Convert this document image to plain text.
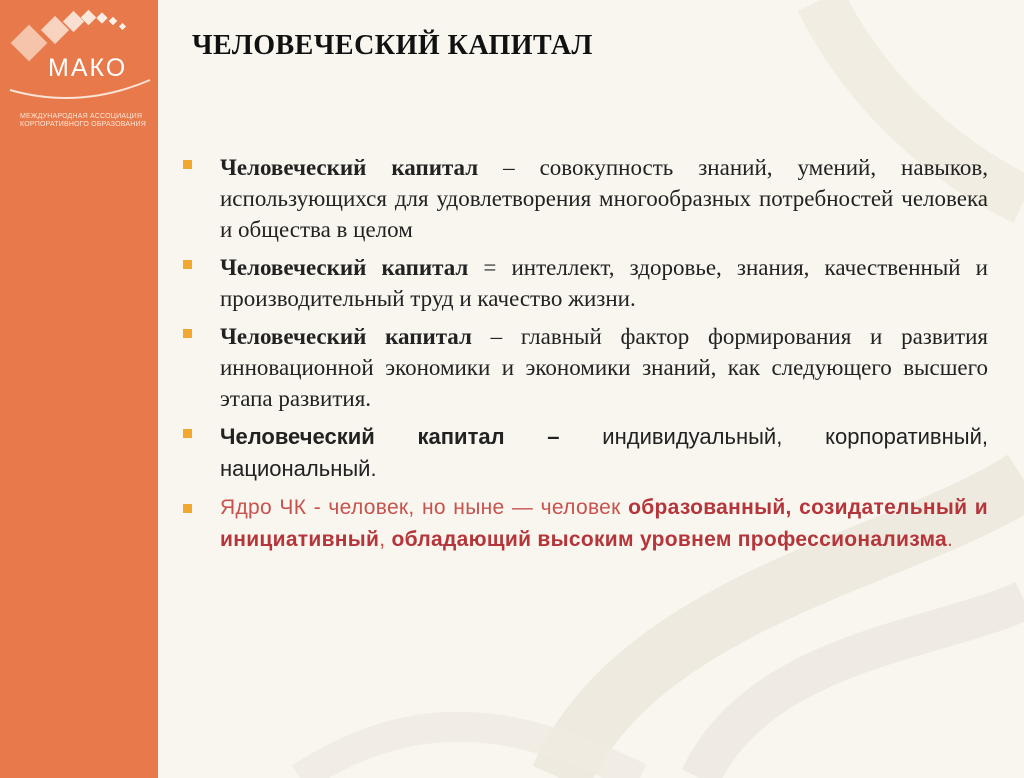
МАКО
МЕЖДУНАРОДНАЯ АССОЦИАЦИЯ
КОРПОРАТИВНОГО ОБРАЗОВАНИЯ
ЧЕЛОВЕЧЕСКИЙ КАПИТАЛ
Человеческий капитал – совокупность знаний, умений, навыков, использующихся для удовлетворения многообразных потребностей человека и общества в целом
Человеческий капитал = интеллект, здоровье, знания, качественный и производительный труд и качество жизни.
Человеческий капитал – главный фактор формирования и развития инновационной экономики и экономики знаний, как следующего высшего этапа развития.
Человеческий капитал – индивидуальный, корпоративный, национальный.
Ядро ЧК - человек, но ныне — человек образованный, созидательный и инициативный, обладающий высоким уровнем профессионализма.
